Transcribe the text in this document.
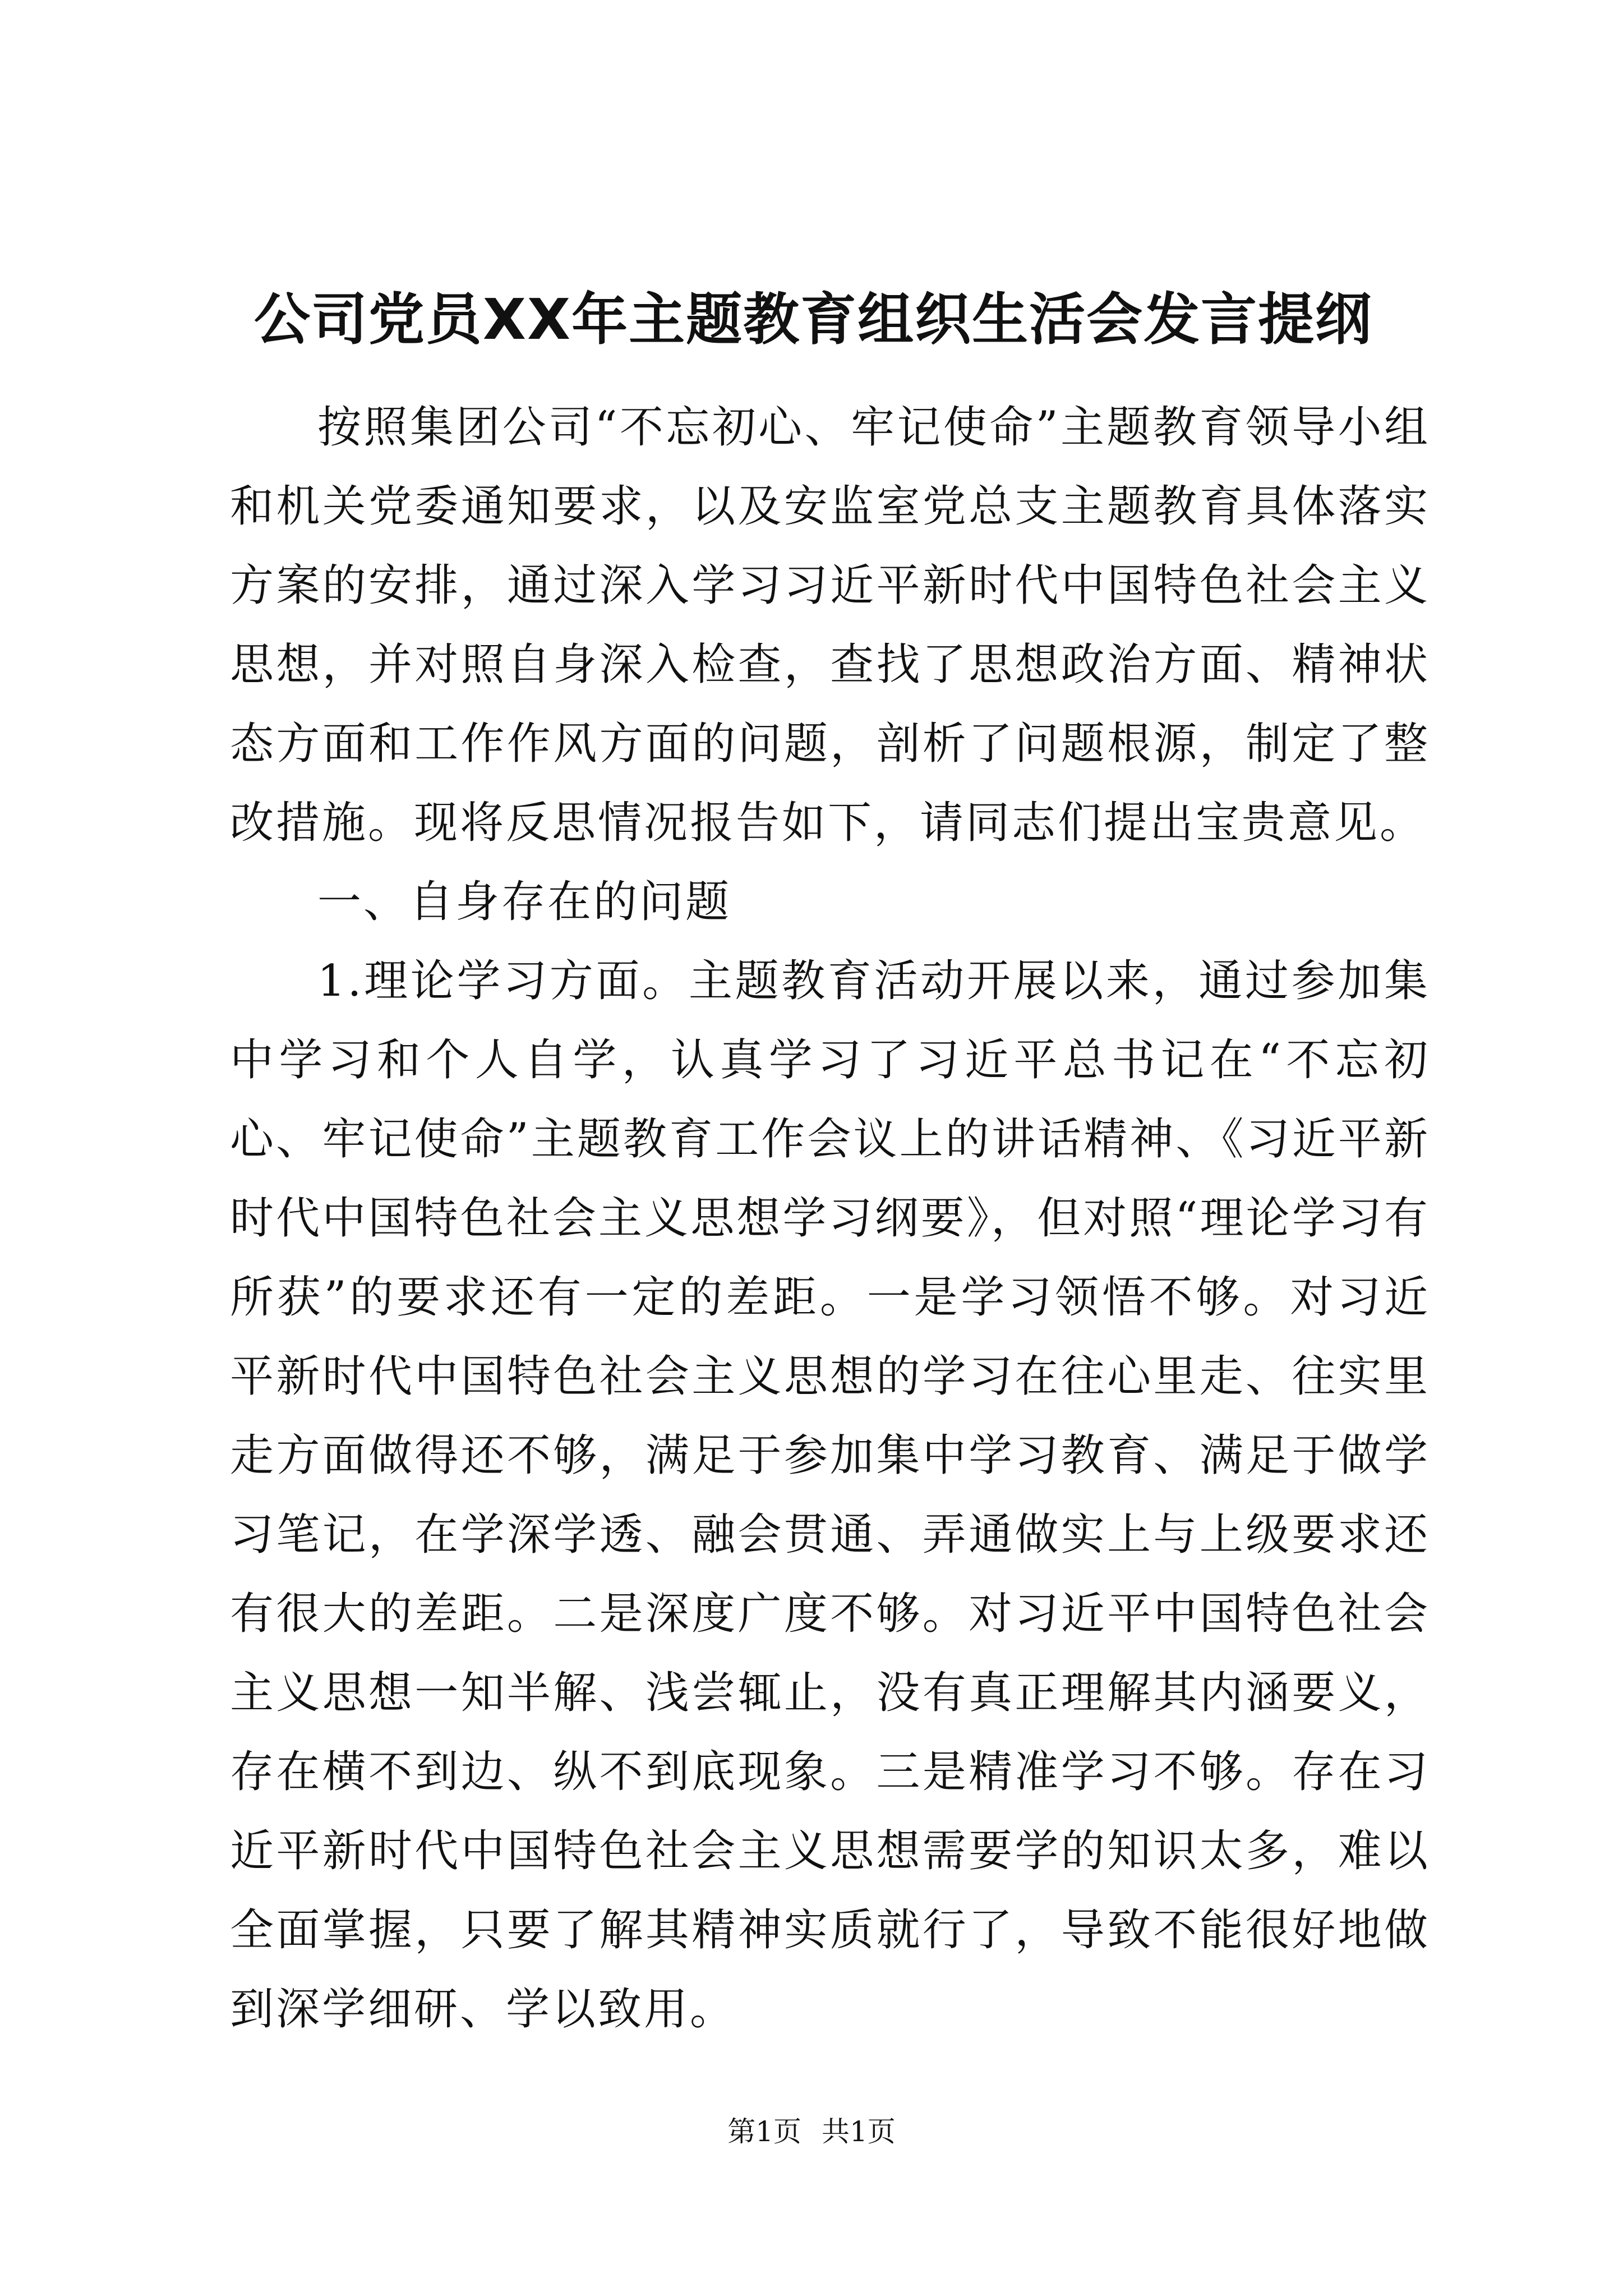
公司党员XX年主题教育组织生活会发言提纲

按照集团公司“不忘初心、牢记使命”主题教育领导小组和机关党委通知要求，以及安监室党总支主题教育具体落实方案的安排，通过深入学习习近平新时代中国特色社会主义思想，并对照自身深入检查，查找了思想政治方面、精神状态方面和工作作风方面的问题，剖析了问题根源，制定了整改措施。现将反思情况报告如下，请同志们提出宝贵意见。

一、自身存在的问题

1.理论学习方面。主题教育活动开展以来，通过参加集中学习和个人自学，认真学习了习近平总书记在“不忘初心、牢记使命”主题教育工作会议上的讲话精神、《习近平新时代中国特色社会主义思想学习纲要》，但对照“理论学习有所获”的要求还有一定的差距。一是学习领悟不够。对习近平新时代中国特色社会主义思想的学习在往心里走、往实里走方面做得还不够，满足于参加集中学习教育、满足于做学习笔记，在学深学透、融会贯通、弄通做实上与上级要求还有很大的差距。二是深度广度不够。对习近平中国特色社会主义思想一知半解、浅尝辄止，没有真正理解其内涵要义，存在横不到边、纵不到底现象。三是精准学习不够。存在习近平新时代中国特色社会主义思想需要学的知识太多，难以全面掌握，只要了解其精神实质就行了，导致不能很好地做到深学细研、学以致用。

第1页 共1页
